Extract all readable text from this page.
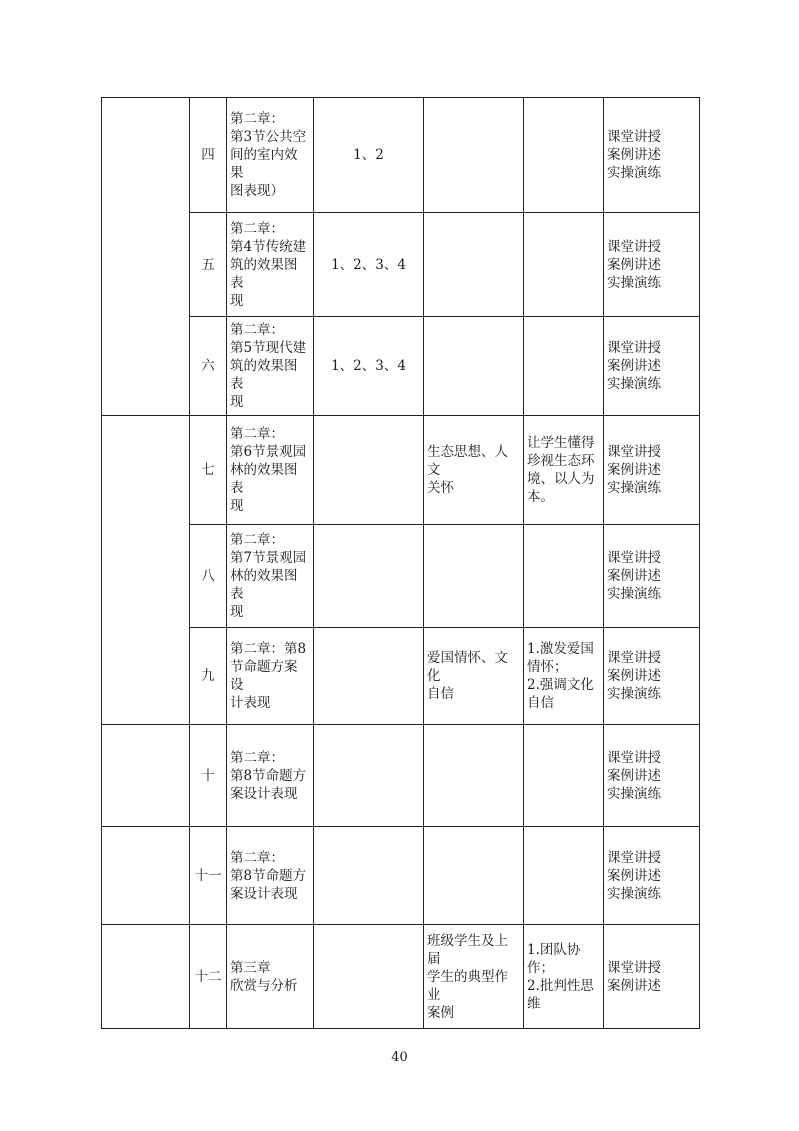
	四	第二章：
第3节公共空
间的室内效果
图表现）	1、2			课堂讲授
案例讲述
实操演练

	五	第二章：
第4节传统建
筑的效果图表
现	1、2、3、4			课堂讲授
案例讲述
实操演练

	六	第二章：
第5节现代建
筑的效果图表
现	1、2、3、4			课堂讲授
案例讲述
实操演练

	七	第二章：
第6节景观园
林的效果图表
现		生态思想、人文
关怀	让学生懂得
珍视生态环
境、以人为
本。	课堂讲授
案例讲述
实操演练

	八	第二章：
第7节景观园
林的效果图表
现				课堂讲授
案例讲述
实操演练

	九	第二章：第8
节命题方案设
计表现		爱国情怀、文化
自信	1.激发爱国
情怀；
2.强调文化
自信	课堂讲授
案例讲述
实操演练

	十	第二章：
第8节命题方
案设计表现				课堂讲授
案例讲述
实操演练

	十一	第二章：
第8节命题方
案设计表现				课堂讲授
案例讲述
实操演练

	十二	第三章
欣赏与分析		班级学生及上届
学生的典型作业
案例	1.团队协作；
2.批判性思
维	课堂讲授
案例讲述
40
